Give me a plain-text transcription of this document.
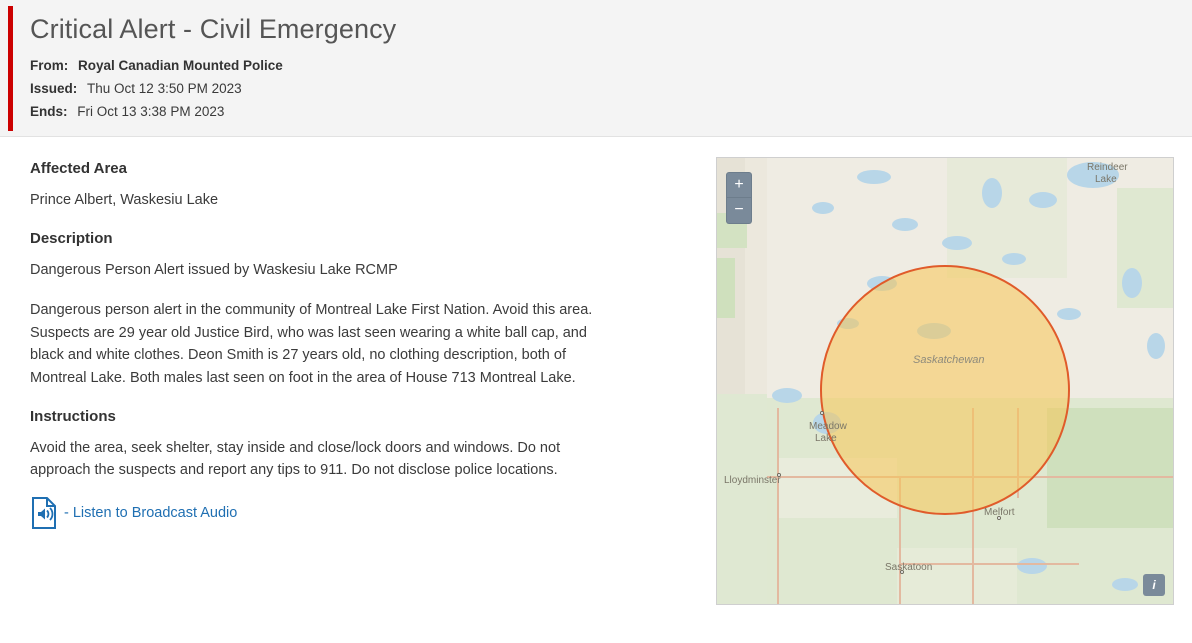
Critical Alert - Civil Emergency
From: Royal Canadian Mounted Police
Issued: Thu Oct 12 3:50 PM 2023
Ends: Fri Oct 13 3:38 PM 2023
Affected Area

Prince Albert, Waskesiu Lake

Description

Dangerous Person Alert issued by Waskesiu Lake RCMP

Dangerous person alert in the community of Montreal Lake First Nation. Avoid this area. Suspects are 29 year old Justice Bird, who was last seen wearing a white ball cap, and black and white clothes. Deon Smith is 27 years old, no clothing description, both of Montreal Lake. Both males last seen on foot in the area of House 713 Montreal Lake.

Instructions

Avoid the area, seek shelter, stay inside and close/lock doors and windows. Do not approach the suspects and report any tips to 911. Do not disclose police locations.

- Listen to Broadcast Audio
Reindeer
Lake
Saskatchewan
Meadow
Lake
Lloydminster
Melfort
Saskatoon
+
−
i
